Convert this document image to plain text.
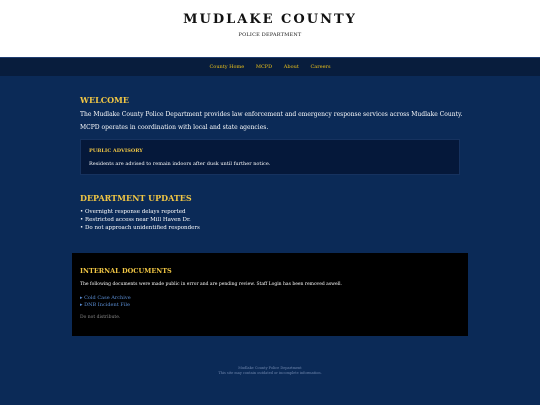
MUDLAKE COUNTY
POLICE DEPARTMENT
County Home MCPD About Careers
WELCOME
The Mudlake County Police Department provides law enforcement and emergency response services across Mudlake County.
MCPD operates in coordination with local and state agencies.
PUBLIC ADVISORY
Residents are advised to remain indoors after dusk until further notice.
DEPARTMENT UPDATES
• Overnight response delays reported
• Restricted access near Mill Haven Dr.
• Do not approach unidentified responders
INTERNAL DOCUMENTS
The following documents were made public in error and are pending review. Staff Login has been removed aswell.
▸ Cold Case Archive
▸ DNB Incident File
Do not distribute.
Mudlake County Police Department
This site may contain outdated or incomplete information.
